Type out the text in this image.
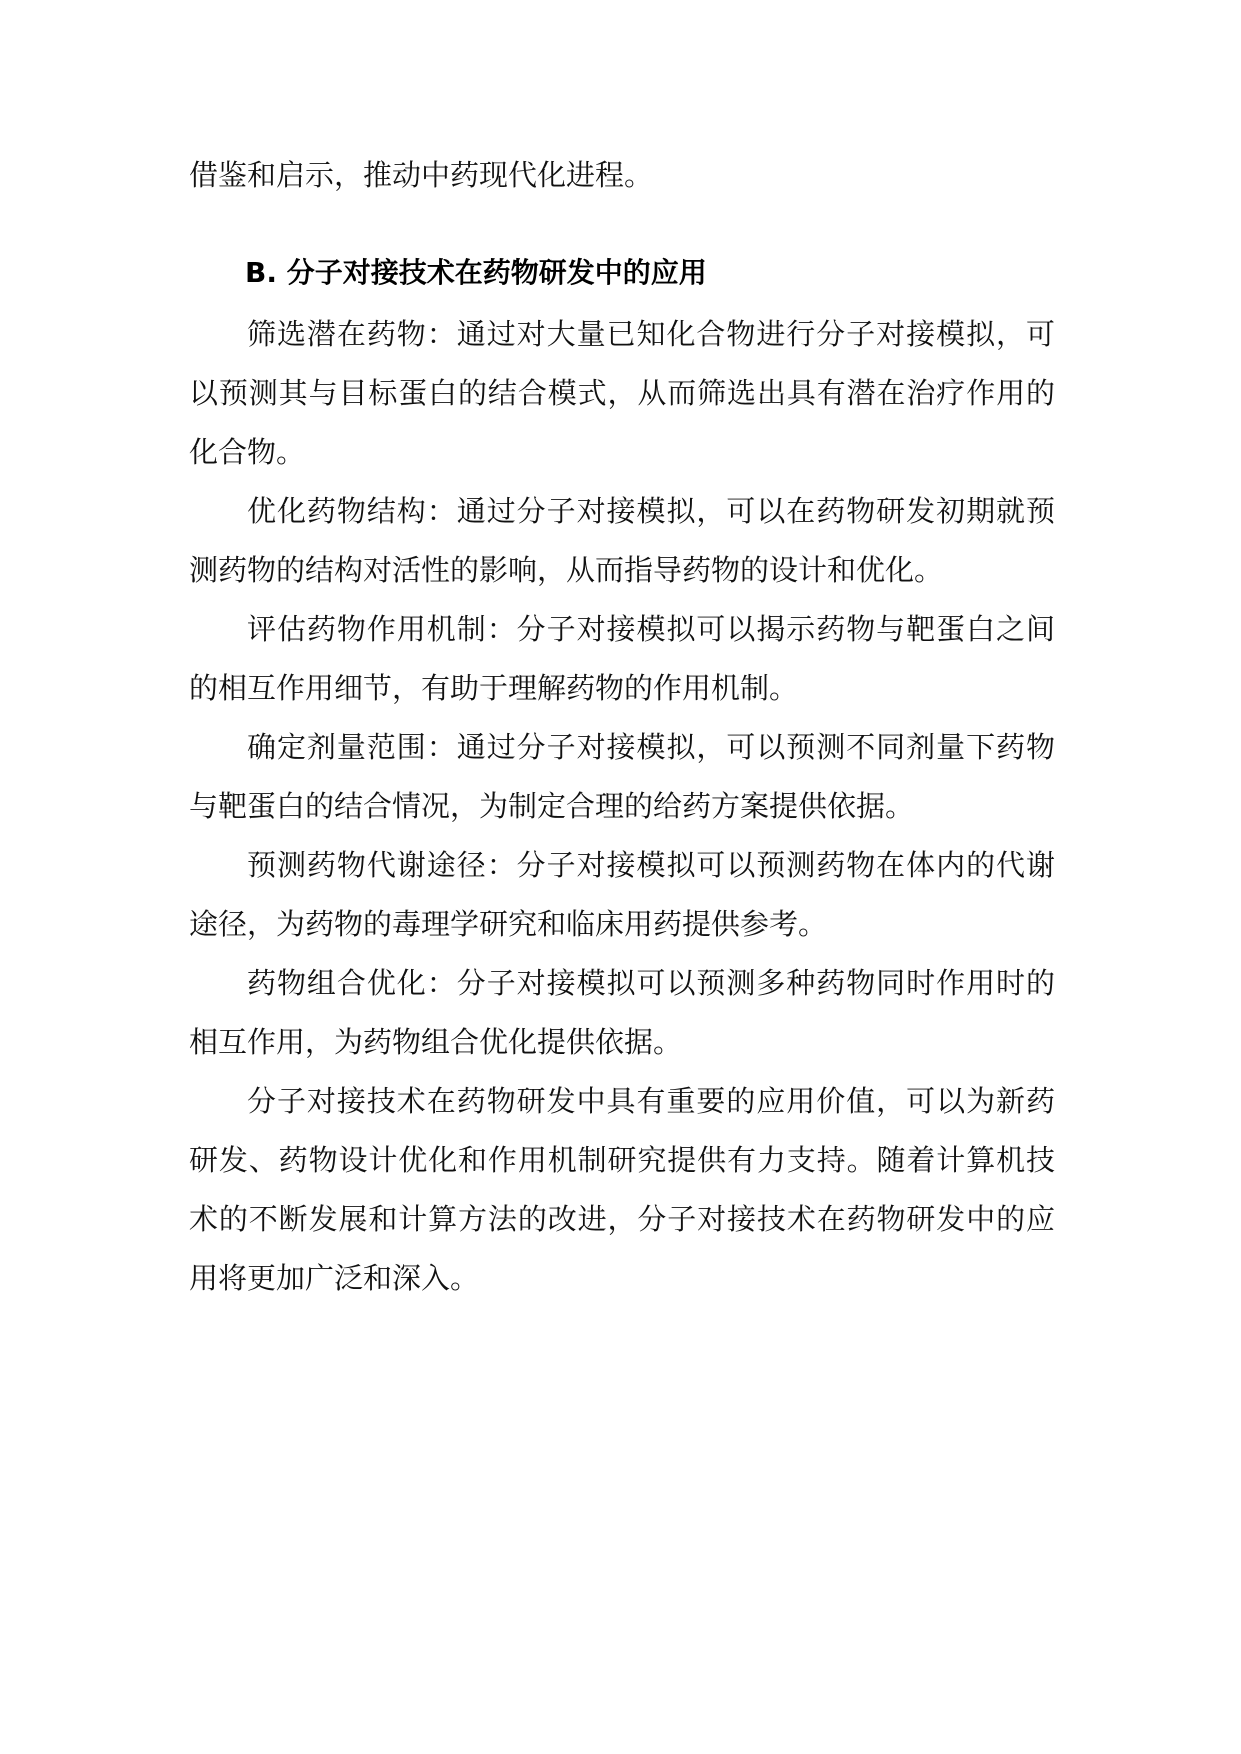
借鉴和启示，推动中药现代化进程。

B. 分子对接技术在药物研发中的应用

筛选潜在药物：通过对大量已知化合物进行分子对接模拟，可以预测其与目标蛋白的结合模式，从而筛选出具有潜在治疗作用的化合物。

优化药物结构：通过分子对接模拟，可以在药物研发初期就预测药物的结构对活性的影响，从而指导药物的设计和优化。

评估药物作用机制：分子对接模拟可以揭示药物与靶蛋白之间的相互作用细节，有助于理解药物的作用机制。

确定剂量范围：通过分子对接模拟，可以预测不同剂量下药物与靶蛋白的结合情况，为制定合理的给药方案提供依据。

预测药物代谢途径：分子对接模拟可以预测药物在体内的代谢途径，为药物的毒理学研究和临床用药提供参考。

药物组合优化：分子对接模拟可以预测多种药物同时作用时的相互作用，为药物组合优化提供依据。

分子对接技术在药物研发中具有重要的应用价值，可以为新药研发、药物设计优化和作用机制研究提供有力支持。随着计算机技术的不断发展和计算方法的改进，分子对接技术在药物研发中的应用将更加广泛和深入。
